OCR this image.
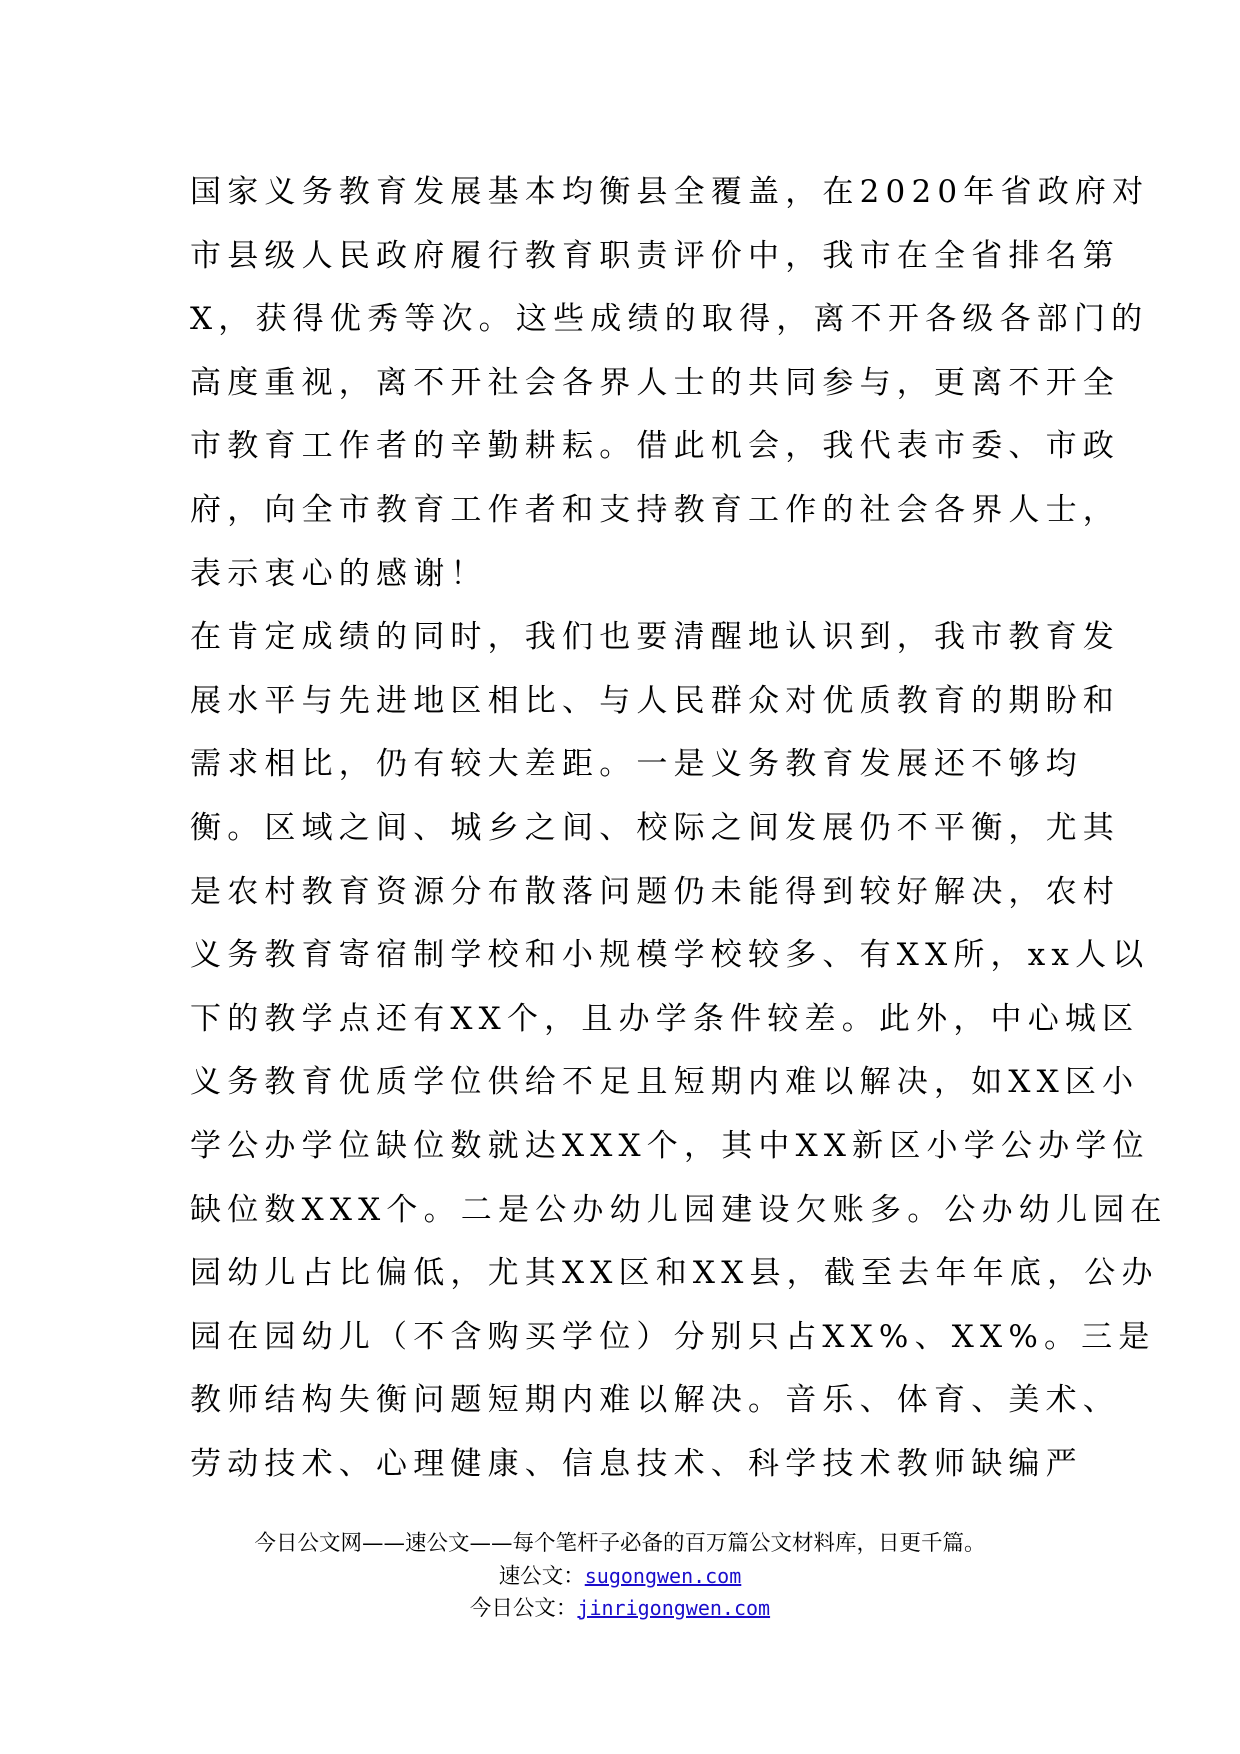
国家义务教育发展基本均衡县全覆盖，在2020年省政府对
市县级人民政府履行教育职责评价中，我市在全省排名第
X，获得优秀等次。这些成绩的取得，离不开各级各部门的
高度重视，离不开社会各界人士的共同参与，更离不开全
市教育工作者的辛勤耕耘。借此机会，我代表市委、市政
府，向全市教育工作者和支持教育工作的社会各界人士，
表示衷心的感谢！
在肯定成绩的同时，我们也要清醒地认识到，我市教育发
展水平与先进地区相比、与人民群众对优质教育的期盼和
需求相比，仍有较大差距。一是义务教育发展还不够均
衡。区域之间、城乡之间、校际之间发展仍不平衡，尤其
是农村教育资源分布散落问题仍未能得到较好解决，农村
义务教育寄宿制学校和小规模学校较多、有XX所，xx人以
下的教学点还有XX个，且办学条件较差。此外，中心城区
义务教育优质学位供给不足且短期内难以解决，如XX区小
学公办学位缺位数就达XXX个，其中XX新区小学公办学位
缺位数XXX个。二是公办幼儿园建设欠账多。公办幼儿园在
园幼儿占比偏低，尤其XX区和XX县，截至去年年底，公办
园在园幼儿（不含购买学位）分别只占XX%、XX%。三是
教师结构失衡问题短期内难以解决。音乐、体育、美术、
劳动技术、心理健康、信息技术、科学技术教师缺编严
今日公文网——速公文——每个笔杆子必备的百万篇公文材料库，日更千篇。
速公文：sugongwen.com
今日公文：jinrigongwen.com
